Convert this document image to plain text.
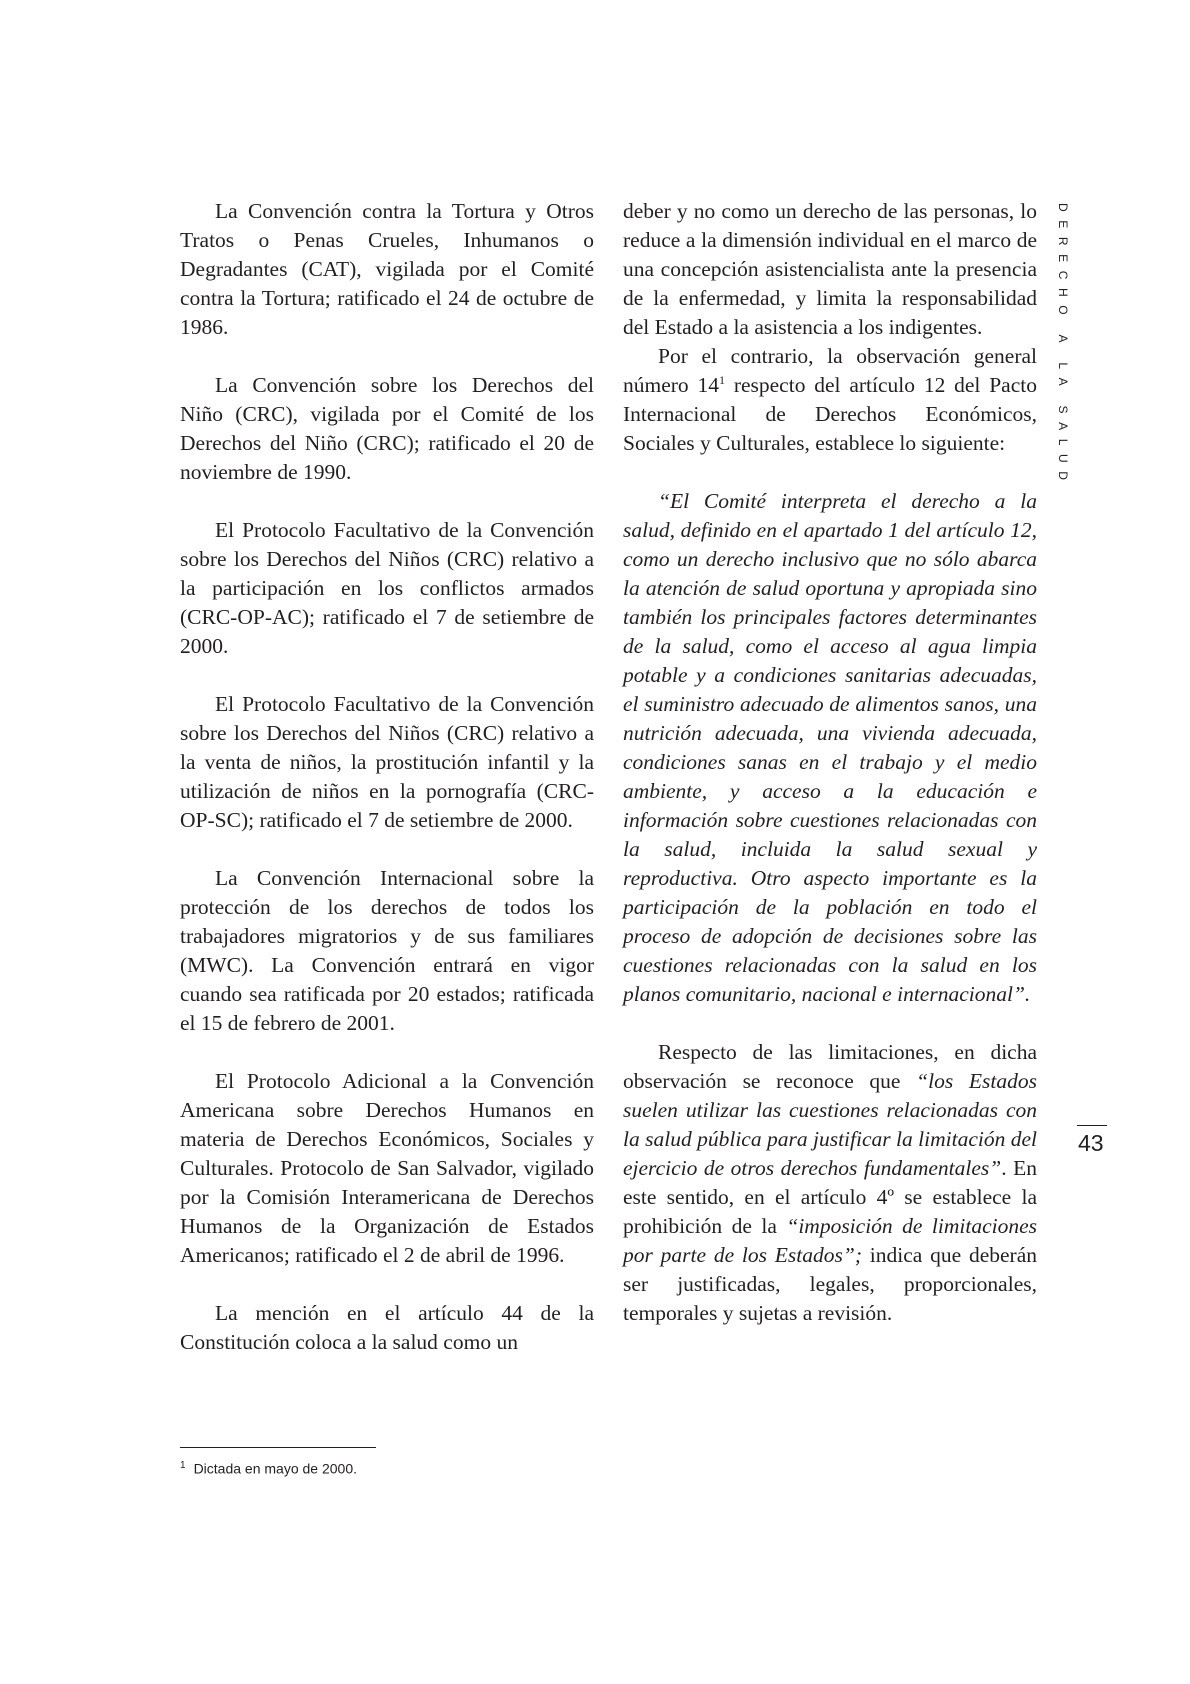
DERECHO A LA SALUD

La Convención contra la Tortura y Otros Tratos o Penas Crueles, Inhumanos o Degradantes (CAT), vigilada por el Comité contra la Tortura; ratificado el 24 de octubre de 1986.

La Convención sobre los Derechos del Niño (CRC), vigilada por el Comité de los Derechos del Niño (CRC); ratificado el 20 de noviembre de 1990.

El Protocolo Facultativo de la Convención sobre los Derechos del Niños (CRC) relativo a la participación en los conflictos armados (CRC-OP-AC); ratificado el 7 de setiembre de 2000.

El Protocolo Facultativo de la Convención sobre los Derechos del Niños (CRC) relativo a la venta de niños, la prostitución infantil y la utilización de niños en la pornografía (CRC-OP-SC); ratificado el 7 de setiembre de 2000.

La Convención Internacional sobre la protección de los derechos de todos los trabajadores migratorios y de sus familiares (MWC). La Convención entrará en vigor cuando sea ratificada por 20 estados; ratificada el 15 de febrero de 2001.

El Protocolo Adicional a la Convención Americana sobre Derechos Humanos en materia de Derechos Económicos, Sociales y Culturales. Protocolo de San Salvador, vigilado por la Comisión Interamericana de Derechos Humanos de la Organización de Estados Americanos; ratificado el 2 de abril de 1996.

La mención en el artículo 44 de la Constitución coloca a la salud como un

deber y no como un derecho de las personas, lo reduce a la dimensión individual en el marco de una concepción asistencialista ante la presencia de la enfermedad, y limita la responsabilidad del Estado a la asistencia a los indigentes.

Por el contrario, la observación general número $14^1$ respecto del artículo 12 del Pacto Internacional de Derechos Económicos, Sociales y Culturales, establece lo siguiente:

“El Comité interpreta el derecho a la salud, definido en el apartado 1 del artículo 12, como un derecho inclusivo que no sólo abarca la atención de salud oportuna y apropiada sino también los principales factores determinantes de la salud, como el acceso al agua limpia potable y a condiciones sanitarias adecuadas, el suministro adecuado de alimentos sanos, una nutrición adecuada, una vivienda adecuada, condiciones sanas en el trabajo y el medio ambiente, y acceso a la educación e información sobre cuestiones relacionadas con la salud, incluida la salud sexual y reproductiva. Otro aspecto importante es la participación de la población en todo el proceso de adopción de decisiones sobre las cuestiones relacionadas con la salud en los planos comunitario, nacional e internacional”.

Respecto de las limitaciones, en dicha observación se reconoce que “los Estados suelen utilizar las cuestiones relacionadas con la salud pública para justificar la limitación del ejercicio de otros derechos fundamentales”. En este sentido, en el artículo 4º se establece la prohibición de la “imposición de limitaciones por parte de los Estados”; indica que deberán ser justificadas, legales, proporcionales, temporales y sujetas a revisión.

$^1$ Dictada en mayo de 2000.
43
